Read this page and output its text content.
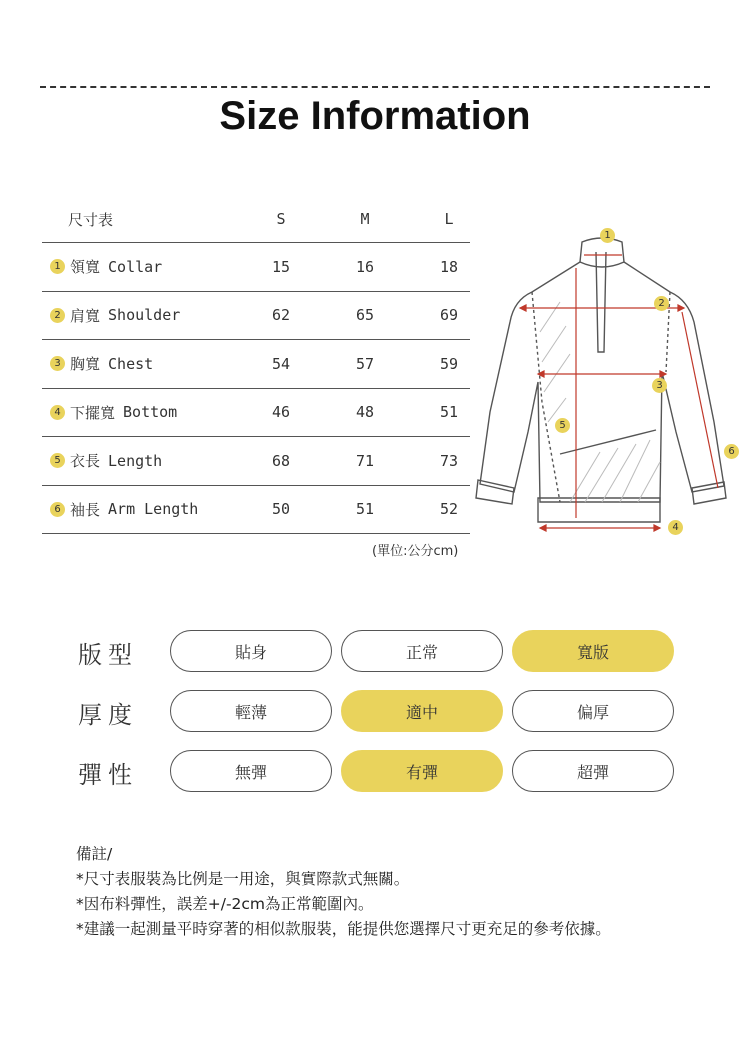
Size Information
尺寸表	S	M	L
1 領寬 Collar	15	16	18
2 肩寬 Shoulder	62	65	69
3 胸寬 Chest	54	57	59
4 下擺寬 Bottom	46	48	51
5 衣長 Length	68	71	73
6 袖長 Arm Length	50	51	52
(單位:公分cm)
1
2
3
4
5
6
版型	貼身	正常	寬版
厚度	輕薄	適中	偏厚
彈性	無彈	有彈	超彈
備註/
*尺寸表服裝為比例是一用途，與實際款式無關。
*因布料彈性，誤差+/-2cm為正常範圍內。
*建議一起測量平時穿著的相似款服裝，能提供您選擇尺寸更充足的參考依據。
